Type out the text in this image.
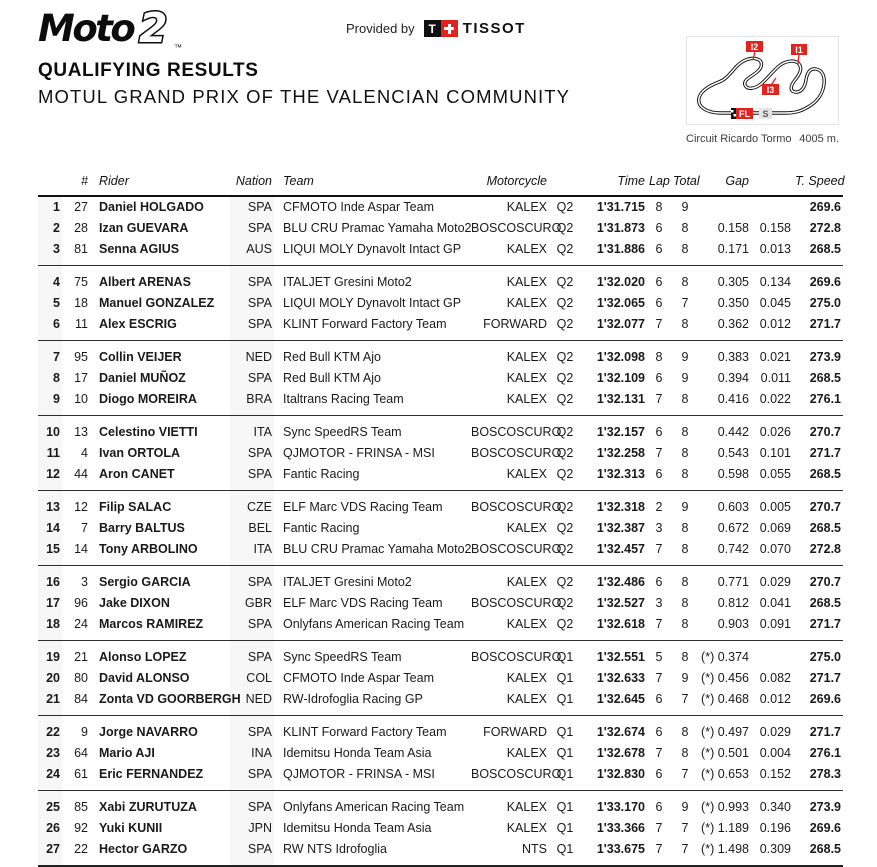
Moto 2 ™
Provided by	T	TISSOT
QUALIFYING RESULTS
MOTUL GRAND PRIX OF THE VALENCIAN COMMUNITY
I2	I1
I3
FL S
Circuit Ricardo Tormo 4005 m.
	#	Rider	Nation	Team	Motorcycle		Time	Lap	Total	Gap		T. Speed
1	27	Daniel HOLGADO	SPA	CFMOTO Inde Aspar Team	KALEX	Q2	1'31.715	8	9			269.6
2	28	Izan GUEVARA	SPA	BLU CRU Pramac Yamaha Moto2	BOSCOSCURO	Q2	1'31.873	6	8	0.158	0.158	272.8
3	81	Senna AGIUS	AUS	LIQUI MOLY Dynavolt Intact GP	KALEX	Q2	1'31.886	6	8	0.171	0.013	268.5
4	75	Albert ARENAS	SPA	ITALJET Gresini Moto2	KALEX	Q2	1'32.020	6	8	0.305	0.134	269.6
5	18	Manuel GONZALEZ	SPA	LIQUI MOLY Dynavolt Intact GP	KALEX	Q2	1'32.065	6	7	0.350	0.045	275.0
6	11	Alex ESCRIG	SPA	KLINT Forward Factory Team	FORWARD	Q2	1'32.077	7	8	0.362	0.012	271.7
7	95	Collin VEIJER	NED	Red Bull KTM Ajo	KALEX	Q2	1'32.098	8	9	0.383	0.021	273.9
8	17	Daniel MUÑOZ	SPA	Red Bull KTM Ajo	KALEX	Q2	1'32.109	6	9	0.394	0.011	268.5
9	10	Diogo MOREIRA	BRA	Italtrans Racing Team	KALEX	Q2	1'32.131	7	8	0.416	0.022	276.1
10	13	Celestino VIETTI	ITA	Sync SpeedRS Team	BOSCOSCURO	Q2	1'32.157	6	8	0.442	0.026	270.7
11	4	Ivan ORTOLA	SPA	QJMOTOR - FRINSA - MSI	BOSCOSCURO	Q2	1'32.258	7	8	0.543	0.101	271.7
12	44	Aron CANET	SPA	Fantic Racing	KALEX	Q2	1'32.313	6	8	0.598	0.055	268.5
13	12	Filip SALAC	CZE	ELF Marc VDS Racing Team	BOSCOSCURO	Q2	1'32.318	2	9	0.603	0.005	270.7
14	7	Barry BALTUS	BEL	Fantic Racing	KALEX	Q2	1'32.387	3	8	0.672	0.069	268.5
15	14	Tony ARBOLINO	ITA	BLU CRU Pramac Yamaha Moto2	BOSCOSCURO	Q2	1'32.457	7	8	0.742	0.070	272.8
16	3	Sergio GARCIA	SPA	ITALJET Gresini Moto2	KALEX	Q2	1'32.486	6	8	0.771	0.029	270.7
17	96	Jake DIXON	GBR	ELF Marc VDS Racing Team	BOSCOSCURO	Q2	1'32.527	3	8	0.812	0.041	268.5
18	24	Marcos RAMIREZ	SPA	Onlyfans American Racing Team	KALEX	Q2	1'32.618	7	8	0.903	0.091	271.7
19	21	Alonso LOPEZ	SPA	Sync SpeedRS Team	BOSCOSCURO	Q1	1'32.551	5	8	(*) 0.374		275.0
20	80	David ALONSO	COL	CFMOTO Inde Aspar Team	KALEX	Q1	1'32.633	7	9	(*) 0.456	0.082	271.7
21	84	Zonta VD GOORBERGH	NED	RW-Idrofoglia Racing GP	KALEX	Q1	1'32.645	6	7	(*) 0.468	0.012	269.6
22	9	Jorge NAVARRO	SPA	KLINT Forward Factory Team	FORWARD	Q1	1'32.674	6	8	(*) 0.497	0.029	271.7
23	64	Mario AJI	INA	Idemitsu Honda Team Asia	KALEX	Q1	1'32.678	7	8	(*) 0.501	0.004	276.1
24	61	Eric FERNANDEZ	SPA	QJMOTOR - FRINSA - MSI	BOSCOSCURO	Q1	1'32.830	6	7	(*) 0.653	0.152	278.3
25	85	Xabi ZURUTUZA	SPA	Onlyfans American Racing Team	KALEX	Q1	1'33.170	6	9	(*) 0.993	0.340	273.9
26	92	Yuki KUNII	JPN	Idemitsu Honda Team Asia	KALEX	Q1	1'33.366	7	7	(*) 1.189	0.196	269.6
27	22	Hector GARZO	SPA	RW NTS Idrofoglia	NTS	Q1	1'33.675	7	7	(*) 1.498	0.309	268.5
